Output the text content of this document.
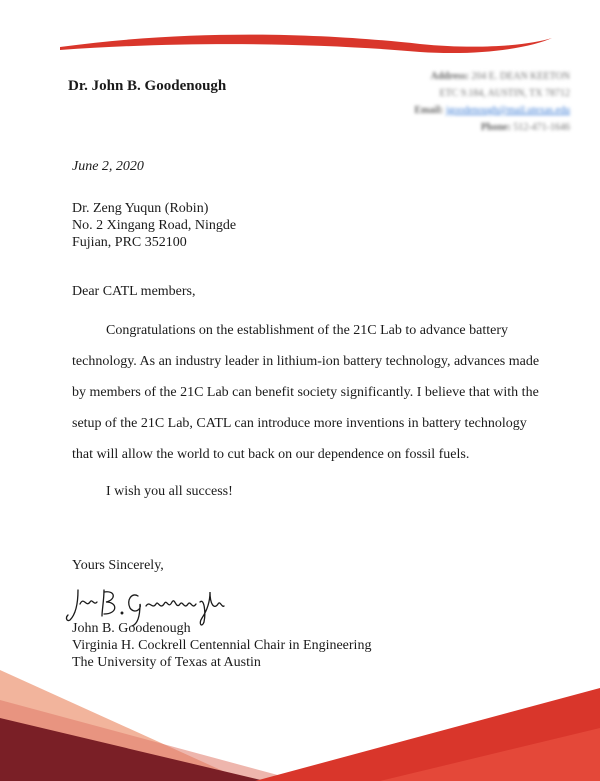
Dr. John B. Goodenough
Address: 204 E. DEAN KEETON
ETC 9.184, AUSTIN, TX 78712
Email: jgoodenough@mail.utexas.edu
Phone: 512-471-1646
June 2, 2020
Dr. Zeng Yuqun (Robin)
No. 2 Xingang Road, Ningde
Fujian, PRC 352100
Dear CATL members,

Congratulations on the establishment of the 21C Lab to advance battery technology. As an industry leader in lithium-ion battery technology, advances made by members of the 21C Lab can benefit society significantly. I believe that with the setup of the 21C Lab, CATL can introduce more inventions in battery technology that will allow the world to cut back on our dependence on fossil fuels.

I wish you all success!
Yours Sincerely,
John B. Goodenough
Virginia H. Cockrell Centennial Chair in Engineering
The University of Texas at Austin
